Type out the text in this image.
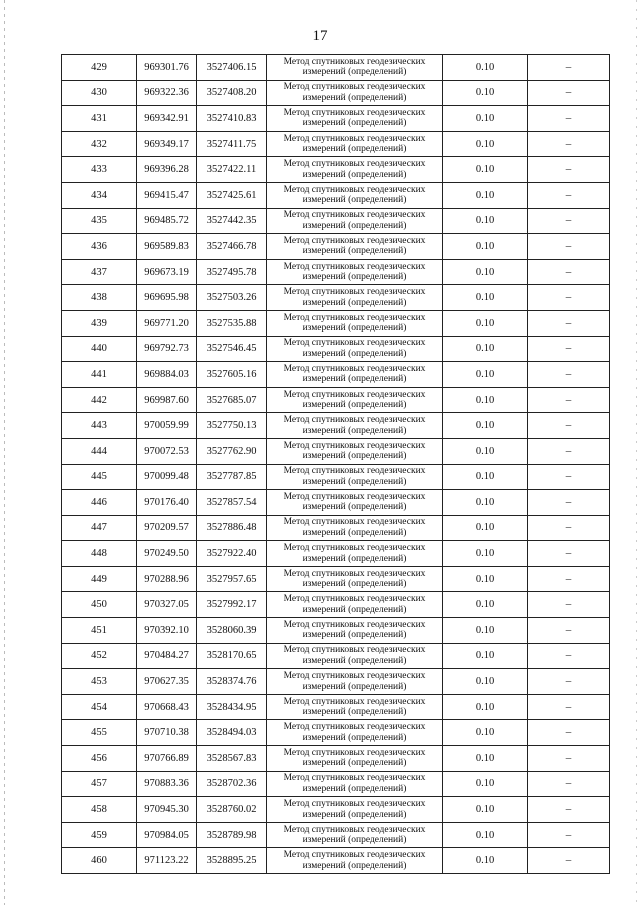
17
429	969301.76	3527406.15	Метод спутниковых геодезических измерений (определений)	0.10	–
430	969322.36	3527408.20	Метод спутниковых геодезических измерений (определений)	0.10	–
431	969342.91	3527410.83	Метод спутниковых геодезических измерений (определений)	0.10	–
432	969349.17	3527411.75	Метод спутниковых геодезических измерений (определений)	0.10	–
433	969396.28	3527422.11	Метод спутниковых геодезических измерений (определений)	0.10	–
434	969415.47	3527425.61	Метод спутниковых геодезических измерений (определений)	0.10	–
435	969485.72	3527442.35	Метод спутниковых геодезических измерений (определений)	0.10	–
436	969589.83	3527466.78	Метод спутниковых геодезических измерений (определений)	0.10	–
437	969673.19	3527495.78	Метод спутниковых геодезических измерений (определений)	0.10	–
438	969695.98	3527503.26	Метод спутниковых геодезических измерений (определений)	0.10	–
439	969771.20	3527535.88	Метод спутниковых геодезических измерений (определений)	0.10	–
440	969792.73	3527546.45	Метод спутниковых геодезических измерений (определений)	0.10	–
441	969884.03	3527605.16	Метод спутниковых геодезических измерений (определений)	0.10	–
442	969987.60	3527685.07	Метод спутниковых геодезических измерений (определений)	0.10	–
443	970059.99	3527750.13	Метод спутниковых геодезических измерений (определений)	0.10	–
444	970072.53	3527762.90	Метод спутниковых геодезических измерений (определений)	0.10	–
445	970099.48	3527787.85	Метод спутниковых геодезических измерений (определений)	0.10	–
446	970176.40	3527857.54	Метод спутниковых геодезических измерений (определений)	0.10	–
447	970209.57	3527886.48	Метод спутниковых геодезических измерений (определений)	0.10	–
448	970249.50	3527922.40	Метод спутниковых геодезических измерений (определений)	0.10	–
449	970288.96	3527957.65	Метод спутниковых геодезических измерений (определений)	0.10	–
450	970327.05	3527992.17	Метод спутниковых геодезических измерений (определений)	0.10	–
451	970392.10	3528060.39	Метод спутниковых геодезических измерений (определений)	0.10	–
452	970484.27	3528170.65	Метод спутниковых геодезических измерений (определений)	0.10	–
453	970627.35	3528374.76	Метод спутниковых геодезических измерений (определений)	0.10	–
454	970668.43	3528434.95	Метод спутниковых геодезических измерений (определений)	0.10	–
455	970710.38	3528494.03	Метод спутниковых геодезических измерений (определений)	0.10	–
456	970766.89	3528567.83	Метод спутниковых геодезических измерений (определений)	0.10	–
457	970883.36	3528702.36	Метод спутниковых геодезических измерений (определений)	0.10	–
458	970945.30	3528760.02	Метод спутниковых геодезических измерений (определений)	0.10	–
459	970984.05	3528789.98	Метод спутниковых геодезических измерений (определений)	0.10	–
460	971123.22	3528895.25	Метод спутниковых геодезических измерений (определений)	0.10	–
